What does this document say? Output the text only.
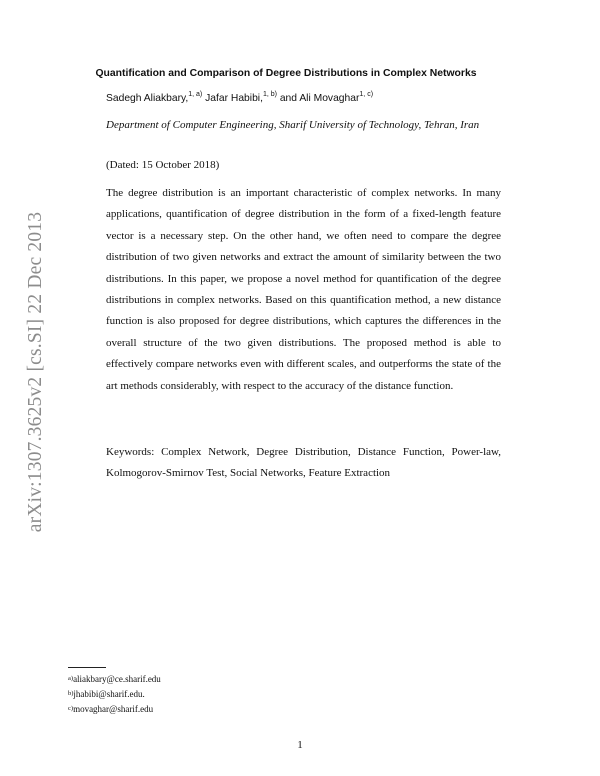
arXiv:1307.3625v2 [cs.SI] 22 Dec 2013
Quantification and Comparison of Degree Distributions in Complex Networks
Sadegh Aliakbary,$^{1, a)}$ Jafar Habibi,$^{1, b)}$ and Ali Movaghar$^{1, c)}$
Department of Computer Engineering, Sharif University of Technology, Tehran, Iran
(Dated: 15 October 2018)
The degree distribution is an important characteristic of complex networks. In many applications, quantification of degree distribution in the form of a fixed-length feature vector is a necessary step. On the other hand, we often need to compare the degree distribution of two given networks and extract the amount of similarity between the two distributions. In this paper, we propose a novel method for quantification of the degree distributions in complex networks. Based on this quantification method, a new distance function is also proposed for degree distributions, which captures the differences in the overall structure of the two given distributions. The proposed method is able to effectively compare networks even with different scales, and outperforms the state of the art methods considerably, with respect to the accuracy of the distance function.
Keywords: Complex Network, Degree Distribution, Distance Function, Power-law, Kolmogorov-Smirnov Test, Social Networks, Feature Extraction
$^{a)}$aliakbary@ce.sharif.edu
$^{b)}$jhabibi@sharif.edu.
$^{c)}$movaghar@sharif.edu
1
